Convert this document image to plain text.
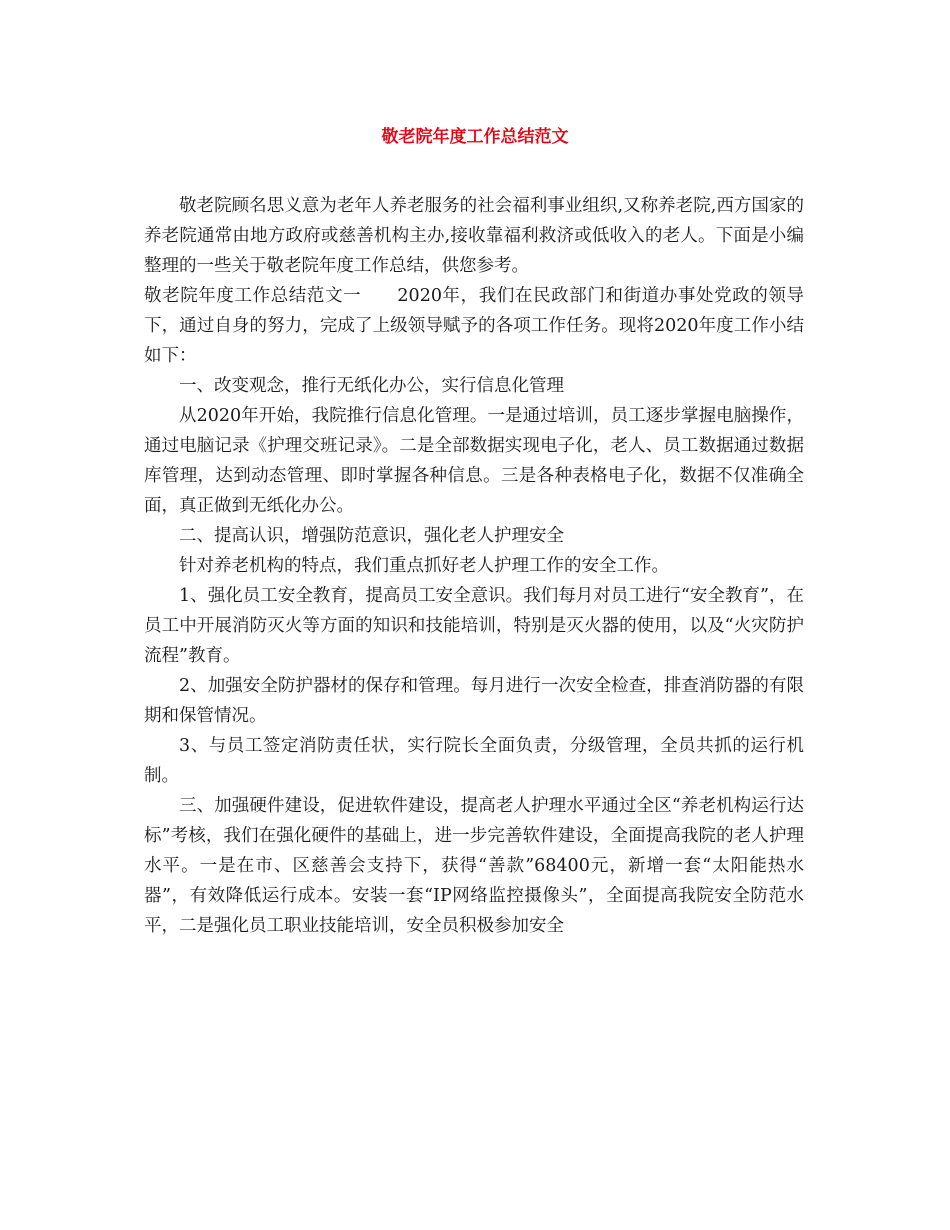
敬老院年度工作总结范文

敬老院顾名思义意为老年人养老服务的社会福利事业组织,又称养老院,西方国家的养老院通常由地方政府或慈善机构主办,接收靠福利救济或低收入的老人。下面是小编整理的一些关于敬老院年度工作总结，供您参考。

敬老院年度工作总结范文一　　2020年，我们在民政部门和街道办事处党政的领导下，通过自身的努力，完成了上级领导赋予的各项工作任务。现将2020年度工作小结如下：

一、改变观念，推行无纸化办公，实行信息化管理

从2020年开始，我院推行信息化管理。一是通过培训，员工逐步掌握电脑操作，通过电脑记录《护理交班记录》。二是全部数据实现电子化，老人、员工数据通过数据库管理，达到动态管理、即时掌握各种信息。三是各种表格电子化，数据不仅准确全面，真正做到无纸化办公。

二、提高认识，增强防范意识，强化老人护理安全

针对养老机构的特点，我们重点抓好老人护理工作的安全工作。

1、强化员工安全教育，提高员工安全意识。我们每月对员工进行“安全教育”，在员工中开展消防灭火等方面的知识和技能培训，特别是灭火器的使用，以及“火灾防护流程”教育。

2、加强安全防护器材的保存和管理。每月进行一次安全检查，排查消防器的有限期和保管情况。

3、与员工签定消防责任状，实行院长全面负责，分级管理，全员共抓的运行机制。

三、加强硬件建设，促进软件建设，提高老人护理水平通过全区“养老机构运行达标”考核，我们在强化硬件的基础上，进一步完善软件建设，全面提高我院的老人护理水平。一是在市、区慈善会支持下，获得“善款”68400元，新增一套“太阳能热水器”，有效降低运行成本。安装一套“IP网络监控摄像头”，全面提高我院安全防范水平，二是强化员工职业技能培训，安全员积极参加安全
